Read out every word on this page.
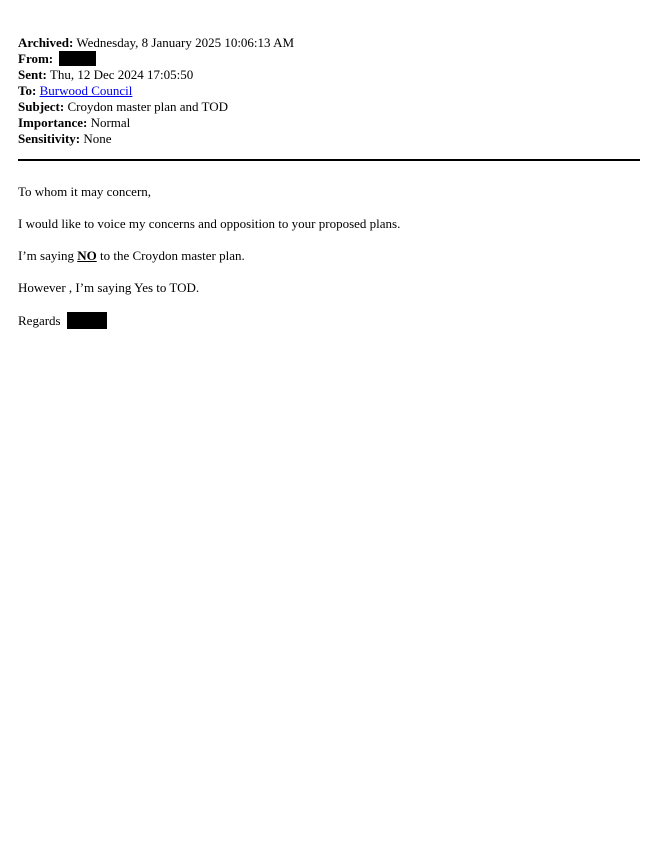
Archived: Wednesday, 8 January 2025 10:06:13 AM
From:
Sent: Thu, 12 Dec 2024 17:05:50
To: Burwood Council
Subject: Croydon master plan and TOD
Importance: Normal
Sensitivity: None
To whom it may concern,
I would like to voice my concerns and opposition to your proposed plans.
I’m saying NO to the Croydon master plan.
However , I’m saying Yes to TOD.
Regards
